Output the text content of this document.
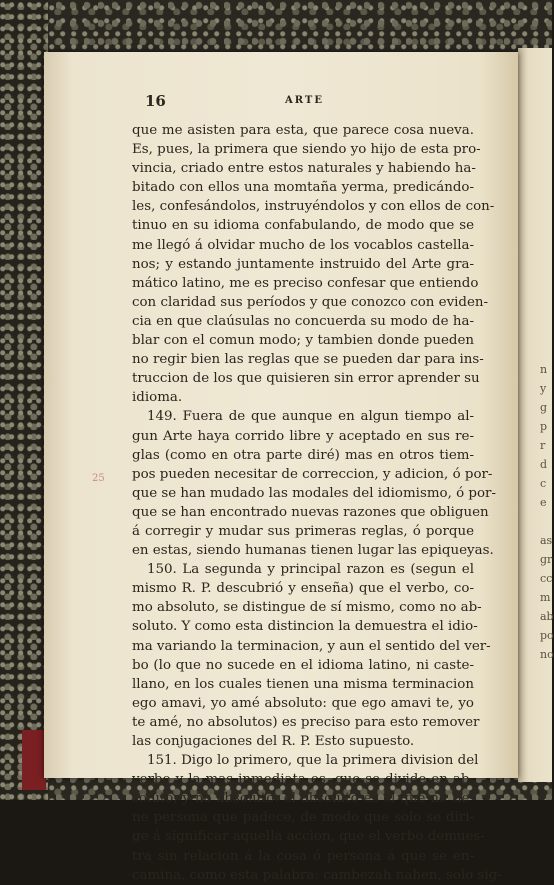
n
y
g
p
r
d
c
e

as
gr
cc
m
ab
po
no
16	ARTE
25
que me asisten para esta, que parece cosa nueva.
Es, pues, la primera que siendo yo hijo de esta pro-
vincia, criado entre estos naturales y habiendo ha-
bitado con ellos una momtaña yerma, predicándo-
les, confesándolos, instruyéndolos y con ellos de con-
tinuo en su idioma confabulando, de modo que se
me llegó á olvidar mucho de los vocablos castella-
nos; y estando juntamente instruido del Arte gra-
mático latino, me es preciso confesar que entiendo
con claridad sus períodos y que conozco con eviden-
cia en que claúsulas no concuerda su modo de ha-
blar con el comun modo; y tambien donde pueden
no regir bien las reglas que se pueden dar para ins-
truccion de los que quisieren sin error aprender su
idioma.
149. Fuera de que aunque en algun tiempo al-
gun Arte haya corrido libre y aceptado en sus re-
glas (como en otra parte diré) mas en otros tiem-
pos pueden necesitar de correccion, y adicion, ó por-
que se han mudado las modales del idiomismo, ó por-
que se han encontrado nuevas razones que obliguen
á corregir y mudar sus primeras reglas, ó porque
en estas, siendo humanas tienen lugar las epiqueyas.
150. La segunda y principal razon es (segun el
mismo R. P. descubrió y enseña) que el verbo, co-
mo absoluto, se distingue de sí mismo, como no ab-
soluto. Y como esta distincion la demuestra el idio-
ma variando la terminacion, y aun el sentido del ver-
bo (lo que no sucede en el idioma latino, ni caste-
llano, en los cuales tienen una misma terminacion
ego amavi, yo amé absoluto: que ego amavi te, yo
te amé, no absolutos) es preciso para esto remover
las conjugaciones del R. P. Esto supuesto.
151. Digo lo primero, que la primera division del
verbo y la mas inmediata es, que se divide en ab-
soluto, y no absoluto: el absoluto es el que no tie-
ne persona que padece, de modo que solo se diri-
ge á significar aquella accion, que el verbo demues-
tra sin relacion á la cosa ó persona á que se en-
camina, como esta palabra: cambezah nahen, solo sig-
